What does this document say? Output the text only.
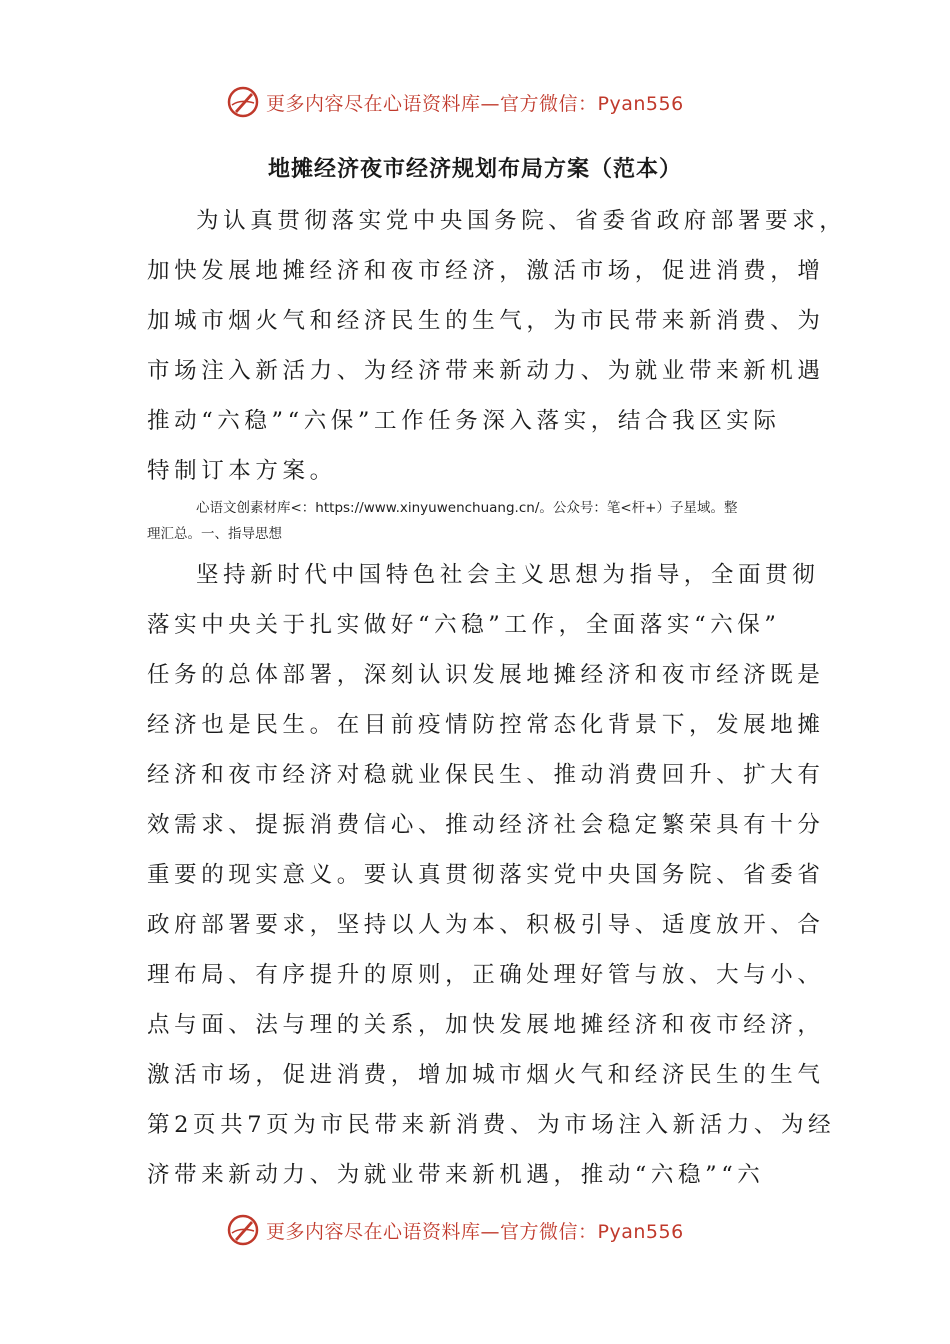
更多内容尽在心语资料库—官方微信：Pyan556
地摊经济夜市经济规划布局方案（范本）
为认真贯彻落实党中央国务院、省委省政府部署要求，
加快发展地摊经济和夜市经济，激活市场，促进消费，增
加城市烟火气和经济民生的生气，为市民带来新消费、为
市场注入新活力、为经济带来新动力、为就业带来新机遇
推动“六稳”“六保”工作任务深入落实，结合我区实际
特制订本方案。
心语文创素材库<：https://www.xinyuwenchuang.cn/。公众号：笔<杆+）子星域。整
理汇总。一、指导思想
坚持新时代中国特色社会主义思想为指导，全面贯彻
落实中央关于扎实做好“六稳”工作，全面落实“六保”
任务的总体部署，深刻认识发展地摊经济和夜市经济既是
经济也是民生。在目前疫情防控常态化背景下，发展地摊
经济和夜市经济对稳就业保民生、推动消费回升、扩大有
效需求、提振消费信心、推动经济社会稳定繁荣具有十分
重要的现实意义。要认真贯彻落实党中央国务院、省委省
政府部署要求，坚持以人为本、积极引导、适度放开、合
理布局、有序提升的原则，正确处理好管与放、大与小、
点与面、法与理的关系，加快发展地摊经济和夜市经济，
激活市场，促进消费，增加城市烟火气和经济民生的生气
第2页共7页为市民带来新消费、为市场注入新活力、为经
济带来新动力、为就业带来新机遇，推动“六稳”“六
更多内容尽在心语资料库—官方微信：Pyan556
